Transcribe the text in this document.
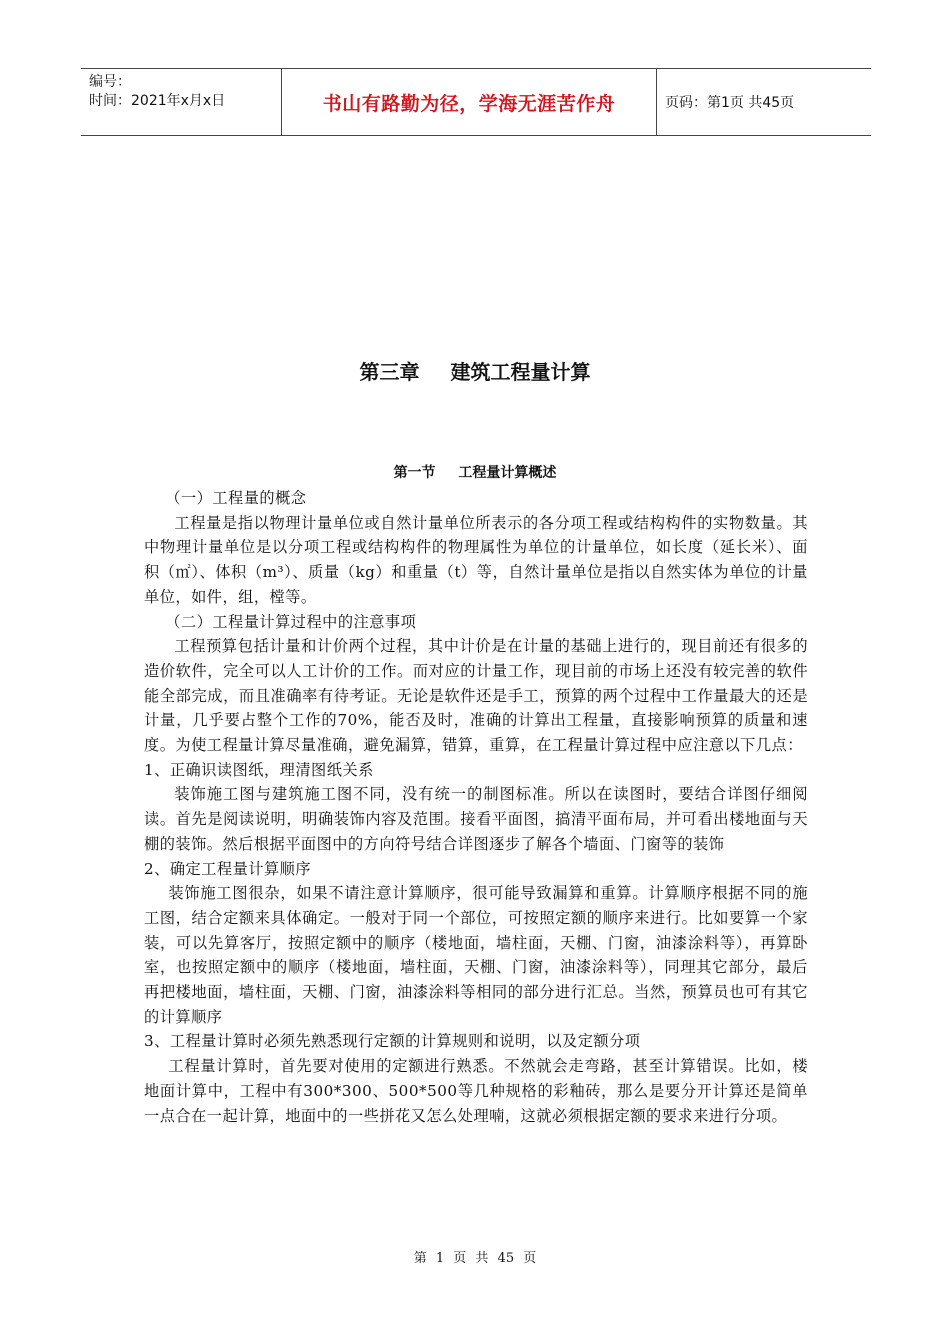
编号：
时间：2021年x月x日	书山有路勤为径，学海无涯苦作舟	页码：第1页 共45页
第三章 建筑工程量计算
第一节 工程量计算概述

（一）工程量的概念

工程量是指以物理计量单位或自然计量单位所表示的各分项工程或结构构件的实物数量。其中物理计量单位是以分项工程或结构构件的物理属性为单位的计量单位，如长度（延长米）、面积（㎡）、体积（m³）、质量（kg）和重量（t）等，自然计量单位是指以自然实体为单位的计量单位，如件，组，樘等。

（二）工程量计算过程中的注意事项

工程预算包括计量和计价两个过程，其中计价是在计量的基础上进行的，现目前还有很多的造价软件，完全可以人工计价的工作。而对应的计量工作，现目前的市场上还没有较完善的软件能全部完成，而且准确率有待考证。无论是软件还是手工，预算的两个过程中工作量最大的还是计量，几乎要占整个工作的70%，能否及时，准确的计算出工程量，直接影响预算的质量和速度。为使工程量计算尽量准确，避免漏算，错算，重算，在工程量计算过程中应注意以下几点：

1、正确识读图纸，理清图纸关系

装饰施工图与建筑施工图不同，没有统一的制图标准。所以在读图时，要结合详图仔细阅读。首先是阅读说明，明确装饰内容及范围。接看平面图，搞清平面布局，并可看出楼地面与天棚的装饰。然后根据平面图中的方向符号结合详图逐步了解各个墙面、门窗等的装饰

2、确定工程量计算顺序

装饰施工图很杂，如果不请注意计算顺序，很可能导致漏算和重算。计算顺序根据不同的施工图，结合定额来具体确定。一般对于同一个部位，可按照定额的顺序来进行。比如要算一个家装，可以先算客厅，按照定额中的顺序（楼地面，墙柱面，天棚、门窗，油漆涂料等），再算卧室，也按照定额中的顺序（楼地面，墙柱面，天棚、门窗，油漆涂料等），同理其它部分，最后再把楼地面，墙柱面，天棚、门窗，油漆涂料等相同的部分进行汇总。当然，预算员也可有其它的计算顺序

3、工程量计算时必须先熟悉现行定额的计算规则和说明，以及定额分项

工程量计算时，首先要对使用的定额进行熟悉。不然就会走弯路，甚至计算错误。比如，楼地面计算中，工程中有300*300、500*500等几种规格的彩釉砖，那么是要分开计算还是简单一点合在一起计算，地面中的一些拼花又怎么处理喃，这就必须根据定额的要求来进行分项。

第 1 页 共 45 页
